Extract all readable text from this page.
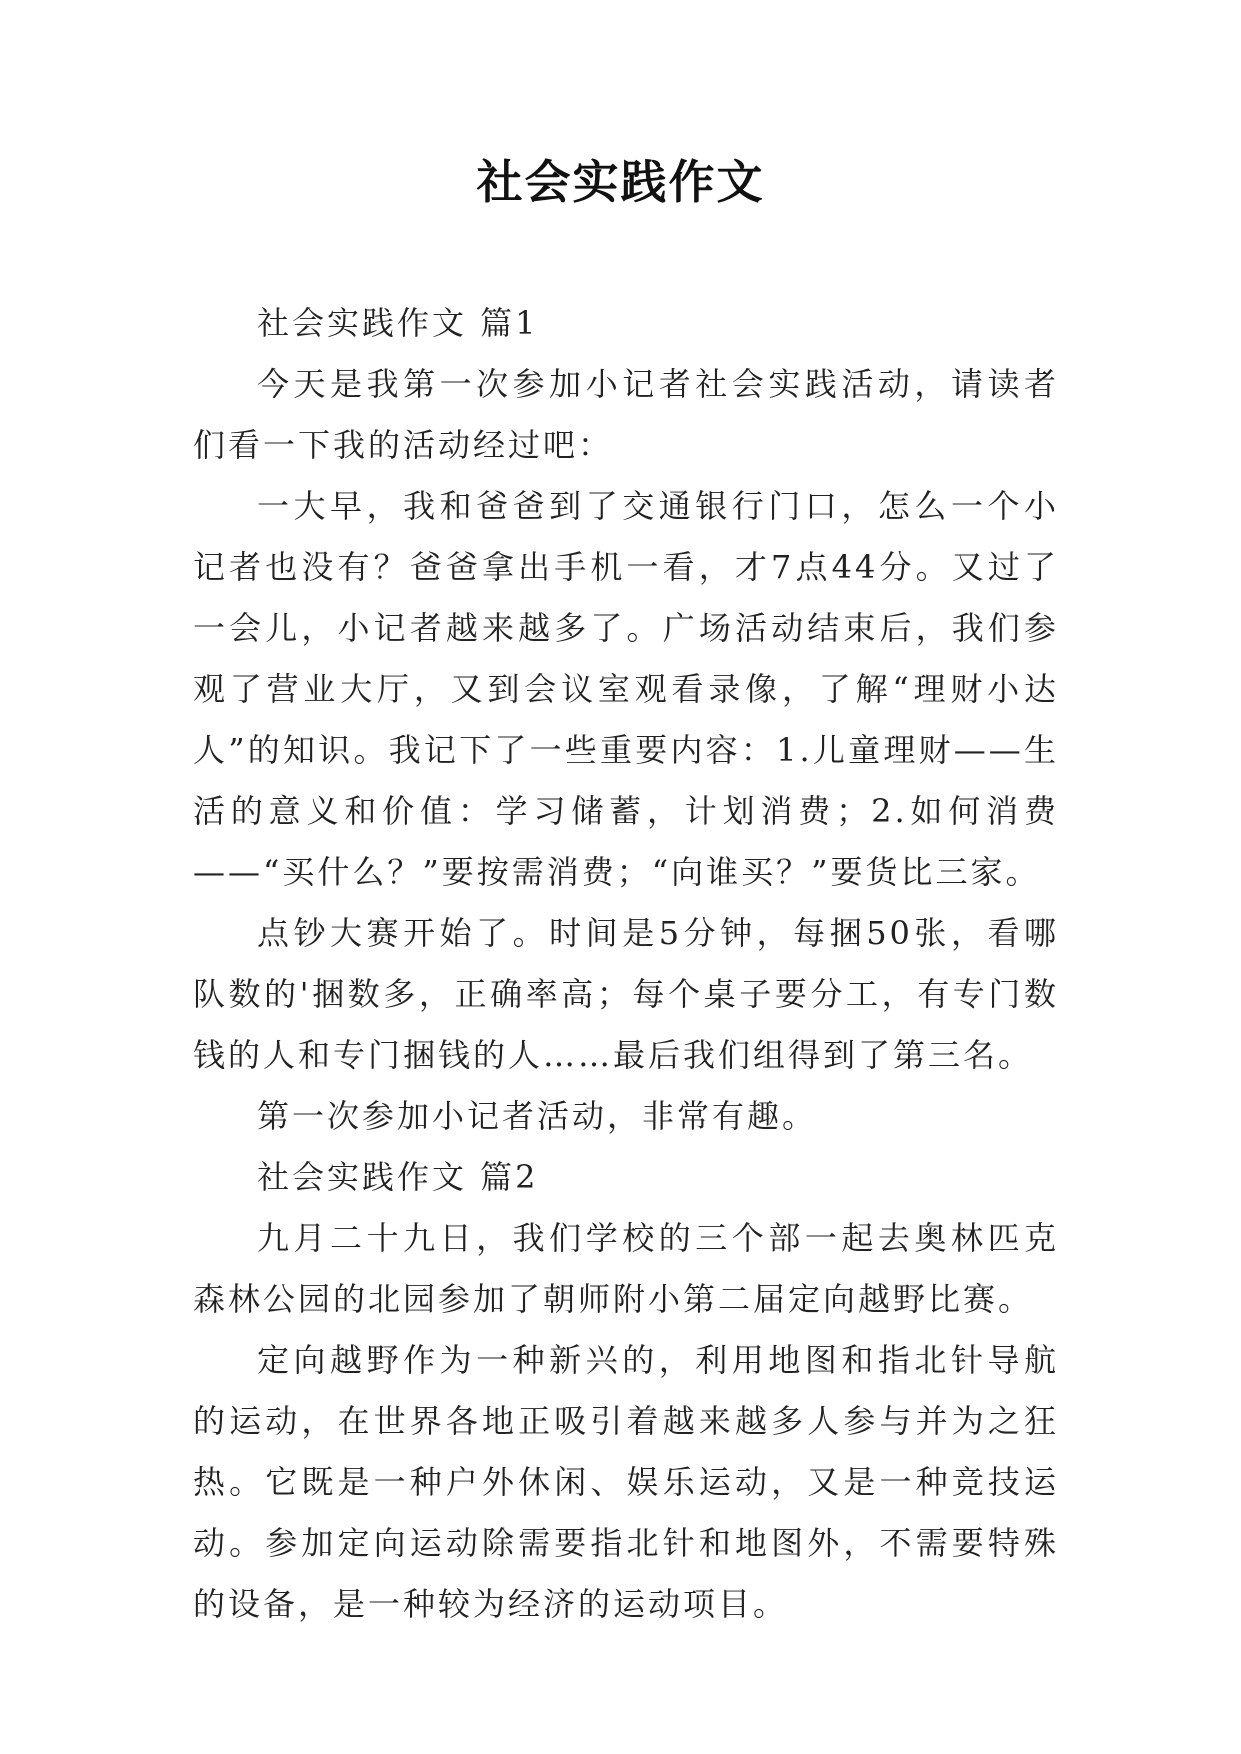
社会实践作文

社会实践作文 篇1

今天是我第一次参加小记者社会实践活动，请读者们看一下我的活动经过吧：

一大早，我和爸爸到了交通银行门口，怎么一个小记者也没有？爸爸拿出手机一看，才7点44分。又过了一会儿，小记者越来越多了。广场活动结束后，我们参观了营业大厅，又到会议室观看录像，了解“理财小达人”的知识。我记下了一些重要内容：1.儿童理财——生活的意义和价值：学习储蓄，计划消费；2.如何消费——“买什么？”要按需消费；“向谁买？”要货比三家。

点钞大赛开始了。时间是5分钟，每捆50张，看哪队数的'捆数多，正确率高；每个桌子要分工，有专门数钱的人和专门捆钱的人……最后我们组得到了第三名。

第一次参加小记者活动，非常有趣。

社会实践作文 篇2

九月二十九日，我们学校的三个部一起去奥林匹克森林公园的北园参加了朝师附小第二届定向越野比赛。

定向越野作为一种新兴的，利用地图和指北针导航的运动，在世界各地正吸引着越来越多人参与并为之狂热。它既是一种户外休闲、娱乐运动，又是一种竞技运动。参加定向运动除需要指北针和地图外，不需要特殊的设备，是一种较为经济的运动项目。
